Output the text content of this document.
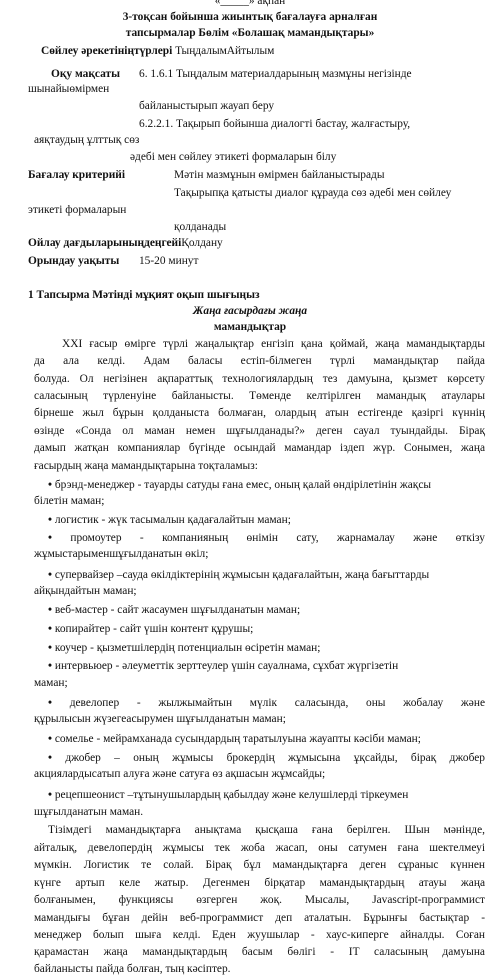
«_____» ақпан
3-тоқсан бойынша жиынтық бағалауға арналған
тапсырмалар Бөлім «Болашақ мамандықтары»
Сөйлеу әрекетініңтүрлері ТыңдалымАйтылым
Оқу мақсаты 6. 1.6.1 Тыңдалым материалдарының мазмұны негізінде
шынайыөмірмен
байланыстырып жауап беру
6.2.2.1. Тақырып бойынша диалогті бастау, жалғастыру,
аяқтаудың ұлттық сөз
әдебі мен сөйлеу этикеті формаларын білу
Бағалау критерийі	Мәтін мазмұнын өмірмен байланыстырады
Тақырыпқа қатысты диалог құрауда сөз әдебі мен сөйлеу
этикеті формаларын
қолданады
Ойлау дағдыларыныңдеңгейіҚолдану
Орындау уақыты 15-20 минут
1 Тапсырма Мәтінді мұқият оқып шығыңыз
Жаңа ғасырдағы жаңа
мамандықтар
XXI ғасыр өмірге түрлі жаңалықтар енгізіп қана қоймай, жаңа мамандықтарды
да ала келді. Адам баласы естіп-білмеген түрлі мамандықтар пайда
болуда. Ол негізінен ақпараттық технологиялардың тез дамуына, қызмет көрсету
саласының түрленуіне байланысты. Төменде келтірілген мамандық атаулары
бірнеше жыл бұрын қолданыста болмаған, олардың атын естігенде қазіргі күннің
өзінде «Сонда ол маман немен шұғылданады?» деген сауал туындайды. Бірақ
дамып жатқан компаниялар бүгінде осындай мамандар іздеп жүр. Сонымен, жаңа
ғасырдың жаңа мамандықтарына тоқталамыз:
• брэнд-менеджер - тауарды сатуды ғана емес, оның қалай өндірілетінін жақсы
білетін маман;
• логистик - жүк тасымалын қадағалайтын маман;
• промоутер - компанияның өнімін сату, жарнамалау және өткізу
жұмыстарыменшұғылданатын өкіл;
• супервайзер –сауда өкілдіктерінің жұмысын қадағалайтын, жаңа бағыттарды
айқындайтын маман;
• веб-мастер - сайт жасаумен шұғылданатын маман;
• копирайтер - сайт үшін контент құрушы;
• коучер - қызметшілердің потенциалын өсіретін маман;
• интервьюер - әлеуметтік зерттеулер үшін сауалнама, сұхбат жүргізетін
маман;
• девелопер - жылжымайтын мүлік саласында, оны жобалау және
құрылысын жүзегеасырумен шұғылданатын маман;
• сомелье - мейрамханада сусындардың таратылуына жауапты кәсіби маман;
• джобер – оның жұмысы брокердің жұмысына ұқсайды, бірақ джобер
акциялардысатып алуға және сатуға өз ақшасын жұмсайды;
• рецепшеонист –тұтынушылардың қабылдау және келушілерді тіркеумен
шұғылданатын маман.
Тізімдегі мамандықтарға анықтама қысқаша ғана берілген. Шын мәнінде,
айталық, девелопердің жұмысы тек жоба жасап, оны сатумен ғана шектелмеуі
мүмкін. Логистик те солай. Бірақ бұл мамандықтарға деген сұраныс күннен
күнге артып келе жатыр. Дегенмен бірқатар мамандықтардың атауы жаңа
болғанымен, функциясы өзгерген жоқ. Мысалы, Javascript-программист
мамандығы бұған дейін веб-программист деп аталатын. Бұрынғы бастықтар -
менеджер болып шыға келді. Еден жуушылар - хаус-киперге айналды. Соған
қарамастан жаңа мамандықтардың басым бөлігі - IT саласының дамуына
байланысты пайда болған, тың кәсіптер.
